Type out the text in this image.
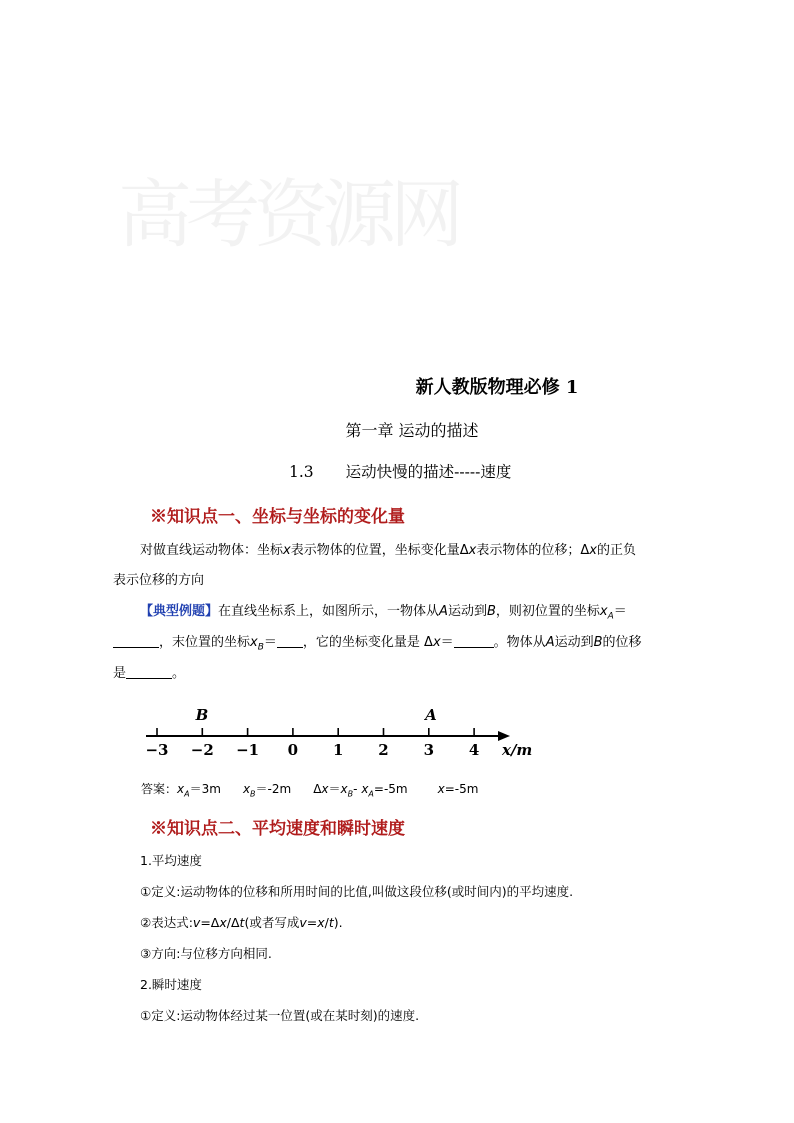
高考资源网
新人教版物理必修 1
第一章 运动的描述
1.3 运动快慢的描述-----速度
※知识点一、坐标与坐标的变化量
对做直线运动物体：坐标x表示物体的位置，坐标变化量Δx表示物体的位移；Δx的正负
表示位移的方向
【典型例题】在直线坐标系上，如图所示，一物体从A运动到B，则初位置的坐标$x_A=$
，末位置的坐标$x_B=$ ，它的坐标变化量是 Δx＝	。物体从A运动到B的位移
是	。
B	A
−3 −2 −1 0 1 2 3 4 x/m
答案：$x_A=3m$ $x_B=-2m$ $\Delta x=x_B-$ $x_A=-5m$	x=-5m
※知识点二、平均速度和瞬时速度
1.平均速度
①定义:运动物体的位移和所用时间的比值,叫做这段位移(或时间内)的平均速度.
②表达式:v=Δx/Δt(或者写成v=x/t).
③方向:与位移方向相同.
2.瞬时速度
①定义:运动物体经过某一位置(或在某时刻)的速度.
